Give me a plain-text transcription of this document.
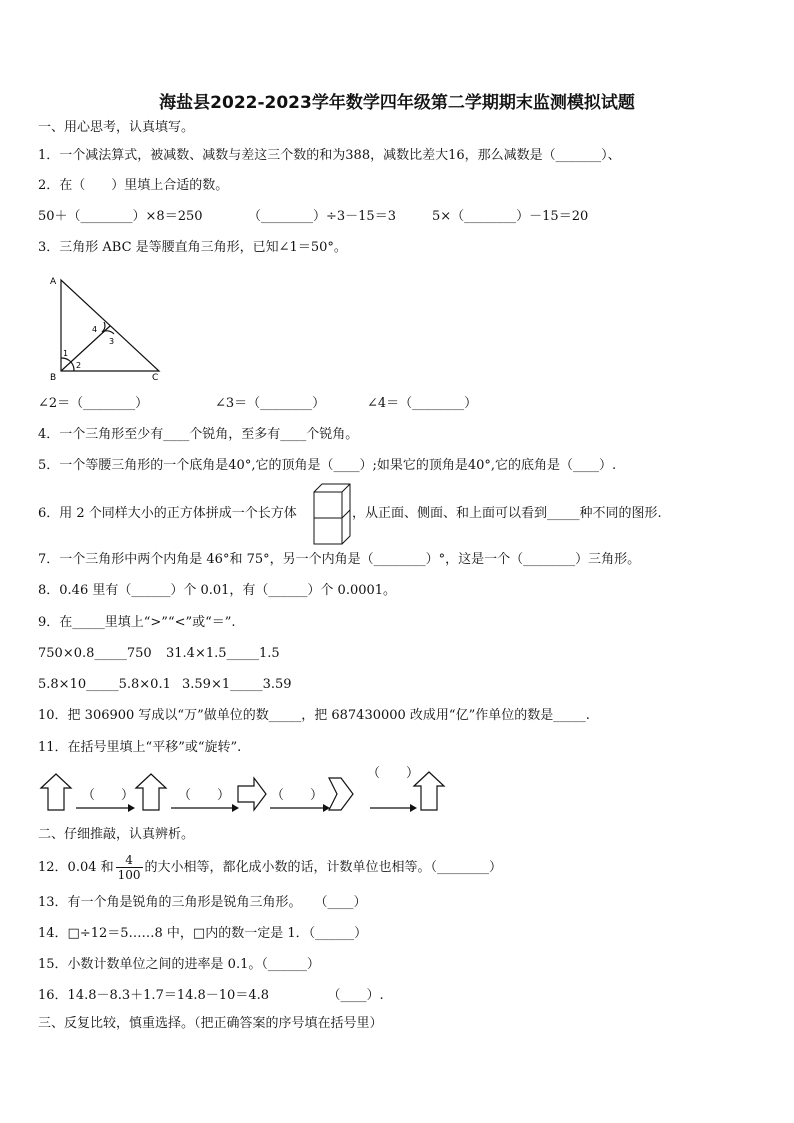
海盐县2022-2023学年数学四年级第二学期期末监测模拟试题
一、用心思考，认真填写。
1．一个减法算式，被减数、减数与差这三个数的和为388，减数比差大16，那么减数是（_______）、
2．在（　　）里填上合适的数。
50＋（________）×8＝250	（________）÷3－15＝3	5×（________）－15＝20
3．三角形 ABC 是等腰直角三角形，已知∠1＝50°。
A
B	C
1
2
3
4
∠2＝（________）	∠3＝（________）	∠4＝（________）
4．一个三角形至少有____个锐角，至多有____个锐角。
5．一个等腰三角形的一个底角是40°,它的顶角是（____）;如果它的顶角是40°,它的底角是（____）.
6．用 2 个同样大小的正方体拼成一个长方体	，从正面、侧面、和上面可以看到_____种不同的图形.
7．一个三角形中两个内角是 46°和 75°，另一个内角是（________）°，这是一个（________）三角形。
8．0.46 里有（______）个 0.01，有（______）个 0.0001。
9．在_____里填上“>”“<”或“＝”.
750×0.8_____750 31.4×1.5_____1.5
5.8×10_____5.8×0.1 3.59×1_____3.59
10．把 306900 写成以“万”做单位的数_____，把 687430000 改成用“亿”作单位的数是_____.
11．在括号里填上“平移”或“旋转”.
（　　）	（　　）	（　　）
（　　）
二、仔细推敲，认真辨析。
12．0.04 和 $\frac{4}{100}$ 的大小相等，都化成小数的话，计数单位也相等。（________）
13．有一个角是锐角的三角形是锐角三角形。　　（____）
14．□÷12＝5……8 中，□内的数一定是 1．（______）
15．小数计数单位之间的进率是 0.1。（______）
16．14.8－8.3＋1.7＝14.8－10＝4.8　　　　　（____）.
三、反复比较，慎重选择。（把正确答案的序号填在括号里）
